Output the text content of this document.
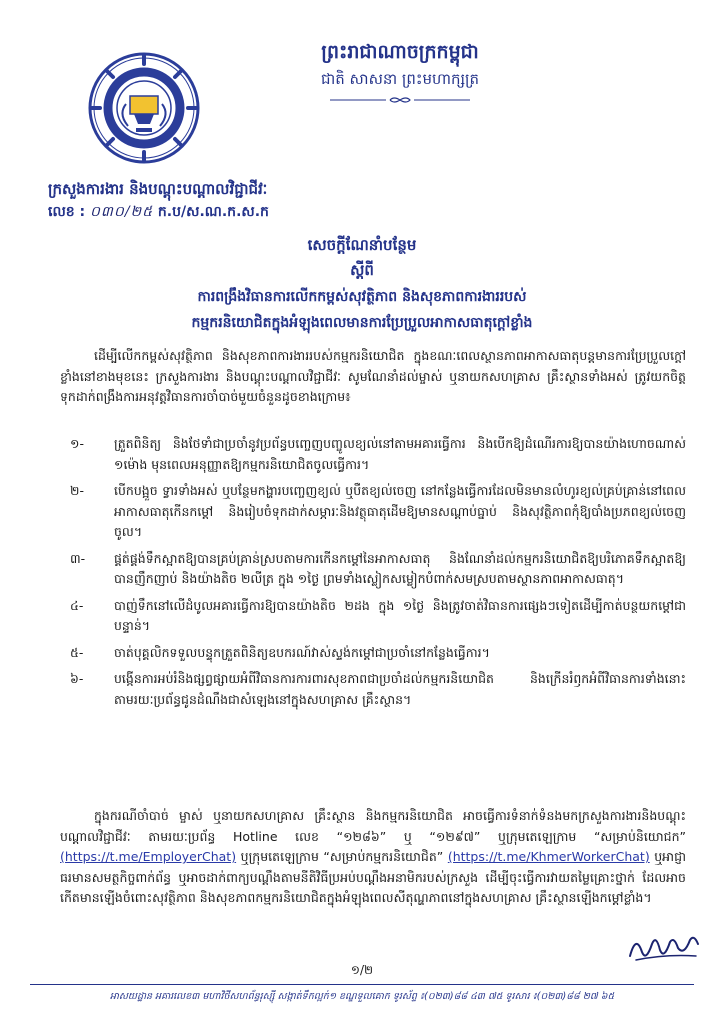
ព្រះរាជាណាចក្រកម្ពុជា
ជាតិ សាសនា ព្រះមហាក្សត្រ
ក្រសួងការងារ និងបណ្តុះបណ្តាលវិជ្ជាជីវៈ
លេខ : ០៣០/២៥ ក.ប/ស.ណ.ក.ស.ក
សេចក្តីណែនាំបន្ថែម
ស្តីពី
ការពង្រឹងវិធានការលើកកម្ពស់សុវត្ថិភាព និងសុខភាពការងាររបស់
កម្មករនិយោជិតក្នុងអំឡុងពេលមានការប្រែប្រួលអាកាសធាតុក្តៅខ្លាំង
ដើម្បីលើកកម្ពស់សុវត្ថិភាព និងសុខភាពការងាររបស់កម្មករនិយោជិត ក្នុងខណៈពេលស្ថានភាពអាកាសធាតុបន្តមានការប្រែប្រួលក្តៅខ្លាំងនៅខាងមុខនេះ ក្រសួងការងារ និងបណ្តុះបណ្តាលវិជ្ជាជីវៈ សូមណែនាំដល់ម្ចាស់ ឬនាយកសហគ្រាស គ្រឹះស្ថានទាំងអស់ ត្រូវយកចិត្តទុកដាក់ពង្រឹងការអនុវត្តវិធានការចាំបាច់មួយចំនួនដូចខាងក្រោម៖
១-	ត្រួតពិនិត្យ និងថែទាំជាប្រចាំនូវប្រព័ន្ធបញ្ចេញបញ្ចូលខ្យល់នៅតាមអគារធ្វើការ និងបើកឱ្យដំណើរការឱ្យបានយ៉ាងហោចណាស់ ១ម៉ោង មុនពេលអនុញ្ញាតឱ្យកម្មករនិយោជិតចូលធ្វើការ។
២-	បើកបង្អួច ទ្វារទាំងអស់ ឬបន្ថែមកង្ហារបញ្ចេញខ្យល់ ឬបឺតខ្យល់ចេញ នៅកន្លែងធ្វើការដែលមិនមានលំហូរខ្យល់គ្រប់គ្រាន់នៅពេលអាកាសធាតុកើនកម្តៅ និងរៀបចំទុកដាក់សម្ភារៈនិងវត្ថុធាតុដើមឱ្យមានសណ្តាប់ធ្នាប់ និងសុវត្ថិភាពកុំឱ្យបាំងប្រភពខ្យល់ចេញចូល។
៣-	ផ្គត់ផ្គង់ទឹកស្អាតឱ្យបានគ្រប់គ្រាន់ស្របតាមការកើនកម្តៅនៃអាកាសធាតុ និងណែនាំដល់កម្មករនិយោជិតឱ្យបរិភោគទឹកស្អាតឱ្យបានញឹកញាប់ និងយ៉ាងតិច ២លីត្រ ក្នុង ១ថ្ងៃ ព្រមទាំងស្លៀកសម្លៀកបំពាក់សមស្របតាមស្ថានភាពអាកាសធាតុ។
៤-	បាញ់ទឹកនៅលើដំបូលអគារធ្វើការឱ្យបានយ៉ាងតិច ២ដង ក្នុង ១ថ្ងៃ និងត្រូវចាត់វិធានការផ្សេងៗទៀតដើម្បីកាត់បន្ថយកម្តៅជាបន្ទាន់។
៥-	ចាត់បុគ្គលិកទទួលបន្ទុកត្រួតពិនិត្យឧបករណ៍វាស់ស្ទង់កម្តៅជាប្រចាំនៅកន្លែងធ្វើការ។
៦-	បង្កើនការអប់រំនិងផ្សព្វផ្សាយអំពីវិធានការការពារសុខភាពជាប្រចាំដល់កម្មករនិយោជិត និងក្រើនរំឭកអំពីវិធានការទាំងនោះតាមរយៈប្រព័ន្ធជូនដំណឹងជាសំឡេងនៅក្នុងសហគ្រាស គ្រឹះស្ថាន។
ក្នុងករណីចាំបាច់ ម្ចាស់ ឬនាយកសហគ្រាស គ្រឹះស្ថាន និងកម្មករនិយោជិត អាចធ្វើការទំនាក់ទំនងមកក្រសួងការងារនិងបណ្តុះបណ្តាលវិជ្ជាជីវៈ តាមរយៈប្រព័ន្ធ Hotline លេខ “១២៨៦” ឬ “១២៩៧” ឬក្រុមតេឡេក្រាម “សម្រាប់និយោជក” (https://t.me/EmployerChat) ឬក្រុមតេឡេក្រាម “សម្រាប់កម្មករនិយោជិត” (https://t.me/KhmerWorkerChat) ឬអាជ្ញាធរមានសមត្ថកិច្ចពាក់ព័ន្ធ ឬអាចដាក់ពាក្យបណ្តឹងតាមនីតិវិធីប្រអប់បណ្តឹងអនាមិករបស់ក្រសួង ដើម្បីចុះធ្វើការវាយតម្លៃគ្រោះថ្នាក់ ដែលអាចកើតមានឡើងចំពោះសុវត្ថិភាព និងសុខភាពកម្មករនិយោជិតក្នុងអំឡុងពេលសីតុណ្ហភាពនៅក្នុងសហគ្រាស គ្រឹះស្ថានឡើងកម្តៅខ្លាំង។
១/២
អាសយដ្ឋាន អគារលេខ៣ មហាវិថីសហព័ន្ធរុស្ស៊ី សង្កាត់ទឹកល្អក់១ ខណ្ឌទួលគោក ទូរស័ព្ទ ៖(០២៣)៨៨ ៤៣ ៧៥ ទូរសារ ៖(០២៣)៨៨ ២៧ ៦៥
